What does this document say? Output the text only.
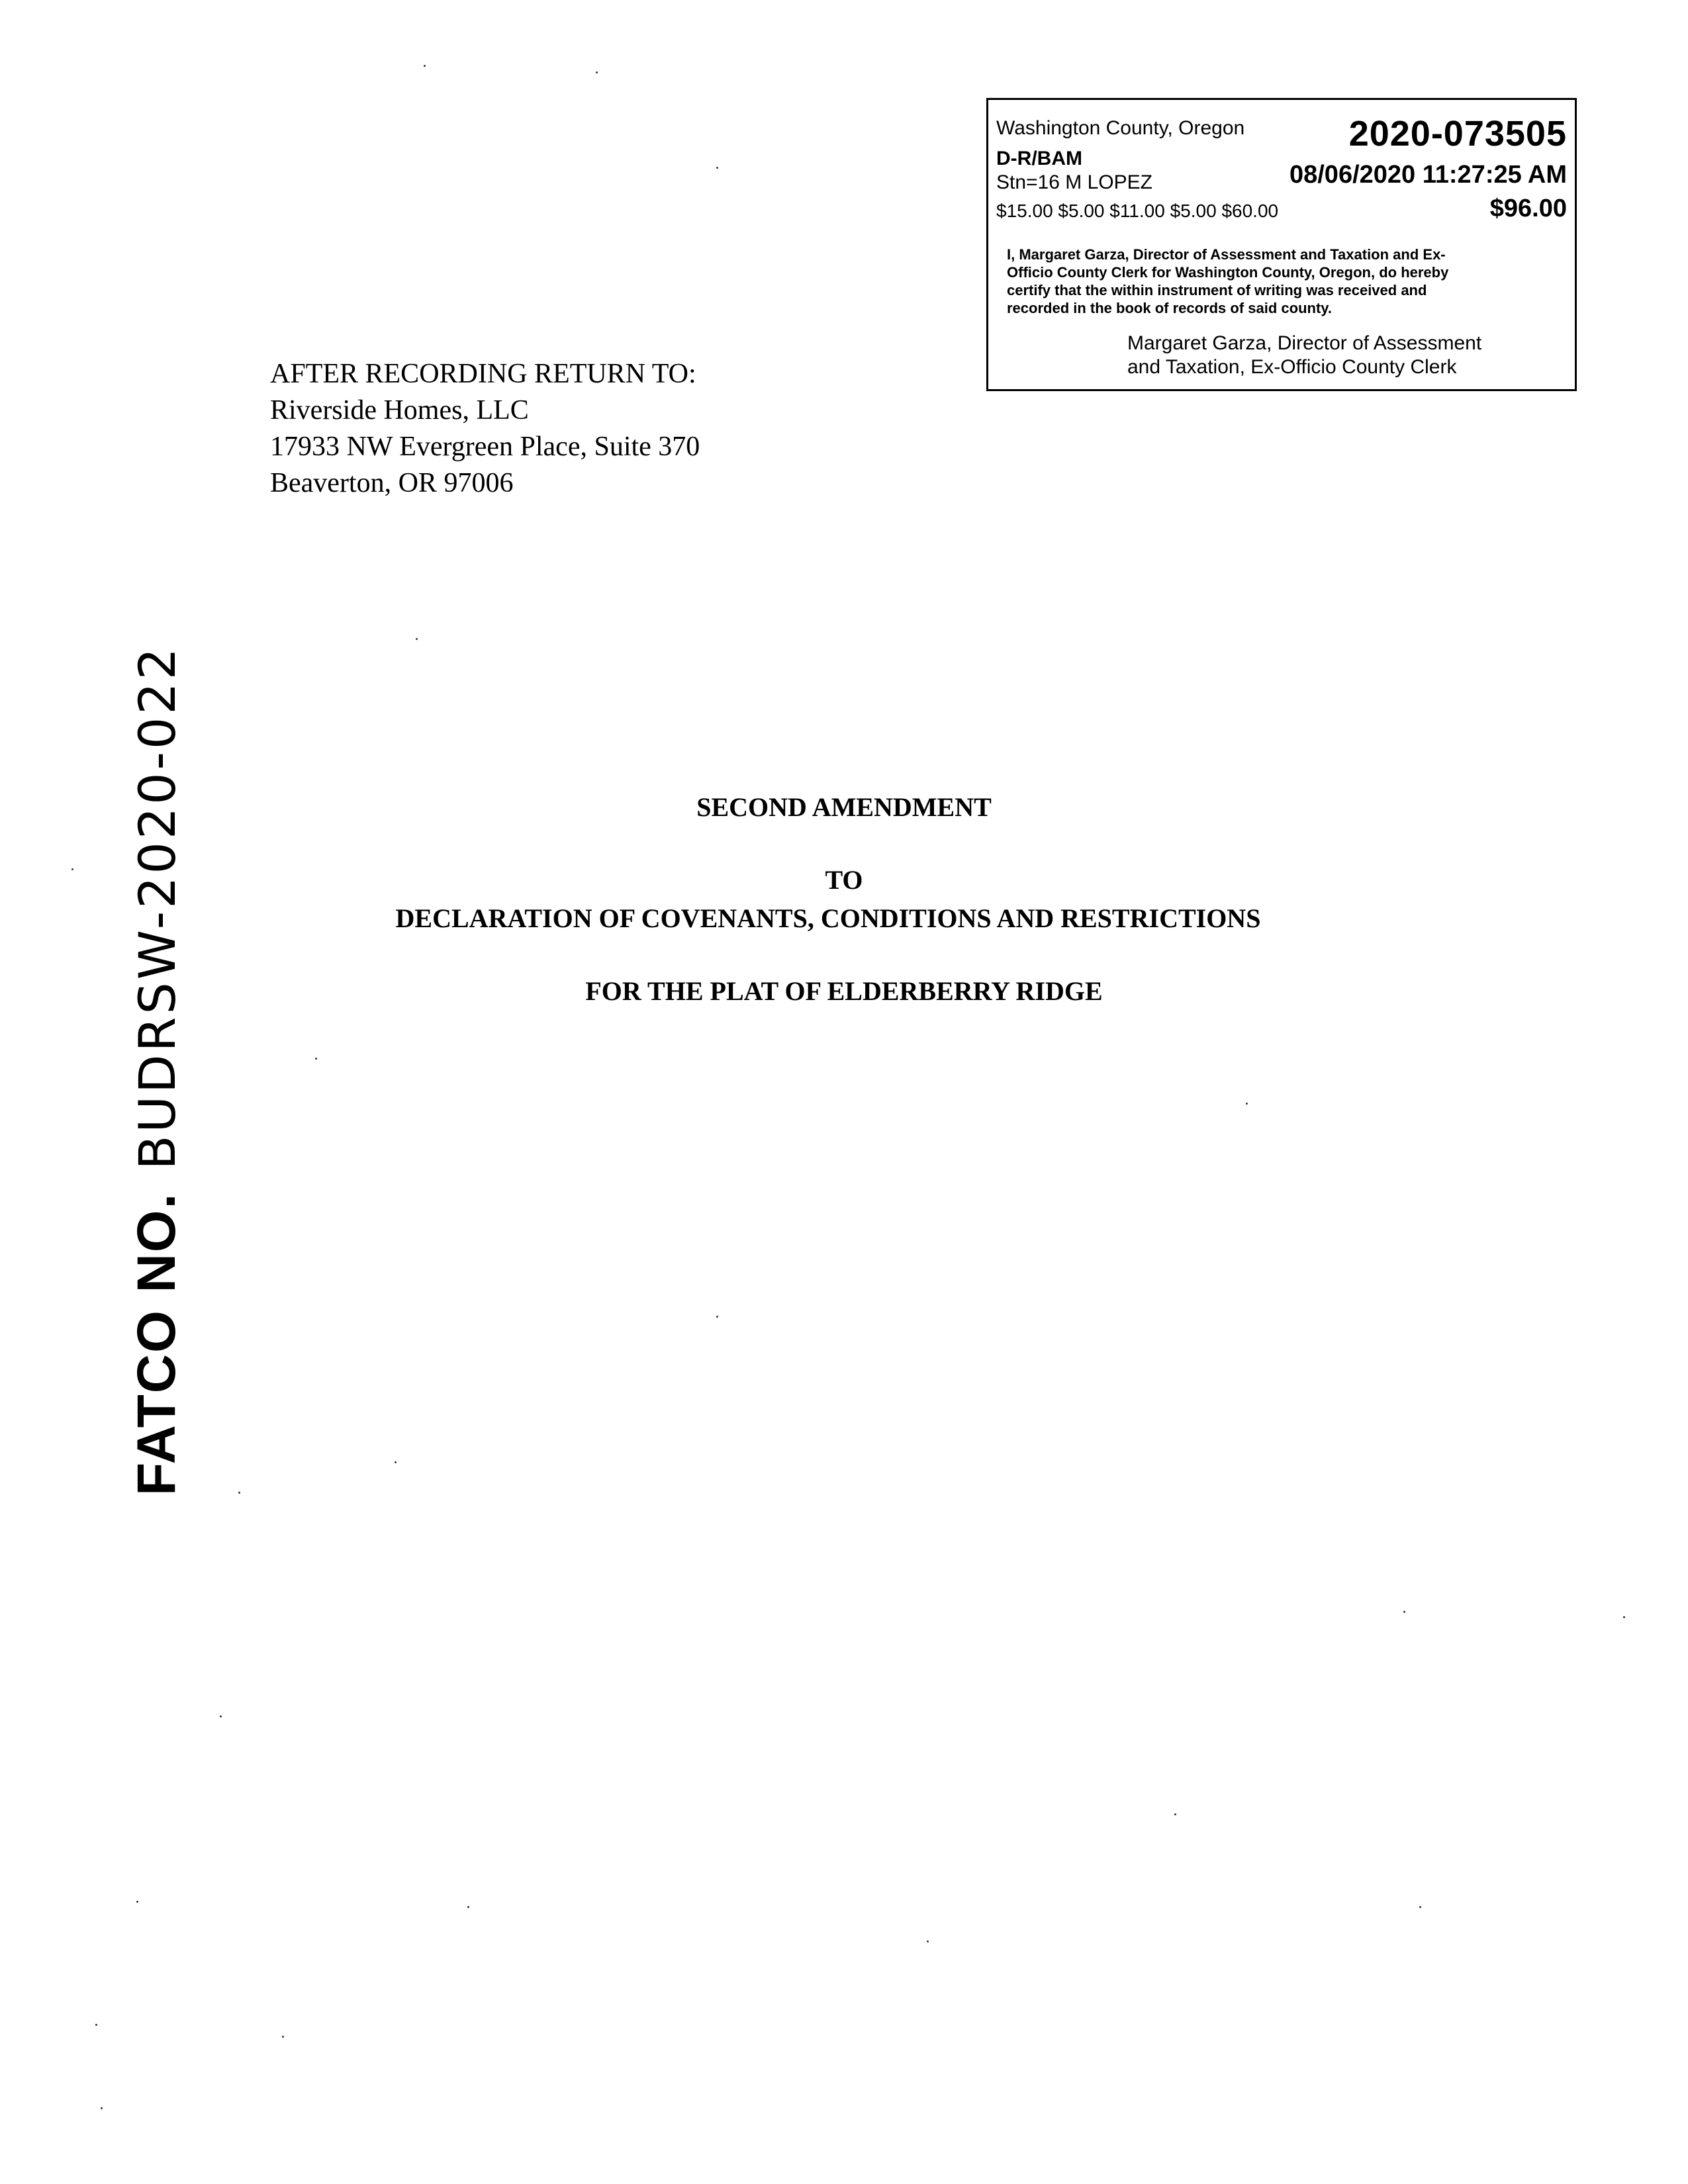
Washington County, Oregon	2020-073505
D-R/BAM
Stn=16 M LOPEZ	08/06/2020 11:27:25 AM
$15.00 $5.00 $11.00 $5.00 $60.00	$96.00
I, Margaret Garza, Director of Assessment and Taxation and Ex-
Officio County Clerk for Washington County, Oregon, do hereby
certify that the within instrument of writing was received and
recorded in the book of records of said county.
Margaret Garza, Director of Assessment
and Taxation, Ex-Officio County Clerk
AFTER RECORDING RETURN TO:
Riverside Homes, LLC
17933 NW Evergreen Place, Suite 370
Beaverton, OR 97006
SECOND AMENDMENT
TO
DECLARATION OF COVENANTS, CONDITIONS AND RESTRICTIONS
FOR THE PLAT OF ELDERBERRY RIDGE
FATCO NO.BUDRSW-2020-022
